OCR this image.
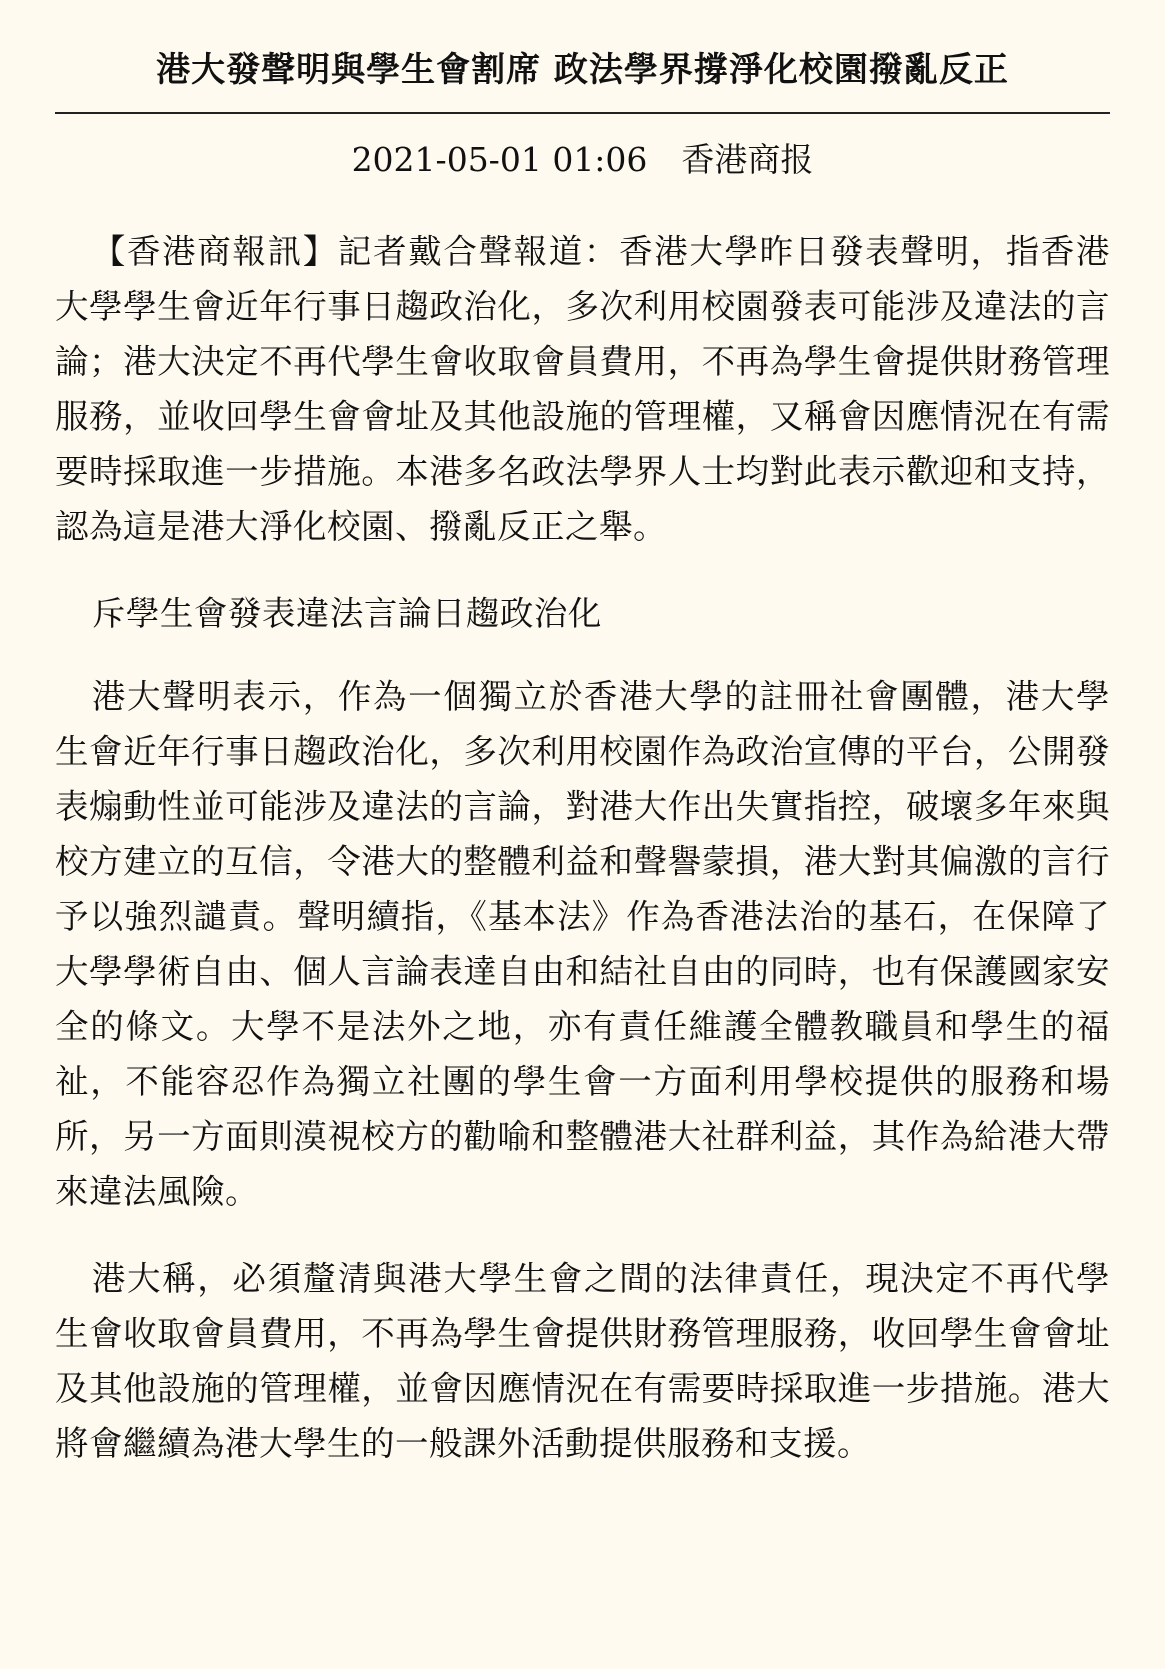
港大發聲明與學生會割席 政法學界撐淨化校園撥亂反正
2021-05-01 01:06 香港商报

【香港商報訊】記者戴合聲報道：香港大學昨日發表聲明，指香港大學學生會近年行事日趨政治化，多次利用校園發表可能涉及違法的言論；港大決定不再代學生會收取會員費用，不再為學生會提供財務管理服務，並收回學生會會址及其他設施的管理權，又稱會因應情況在有需要時採取進一步措施。本港多名政法學界人士均對此表示歡迎和支持，認為這是港大淨化校園、撥亂反正之舉。

斥學生會發表違法言論日趨政治化

港大聲明表示，作為一個獨立於香港大學的註冊社會團體，港大學生會近年行事日趨政治化，多次利用校園作為政治宣傳的平台，公開發表煽動性並可能涉及違法的言論，對港大作出失實指控，破壞多年來與校方建立的互信，令港大的整體利益和聲譽蒙損，港大對其偏激的言行予以強烈譴責。聲明續指，《基本法》作為香港法治的基石，在保障了大學學術自由、個人言論表達自由和結社自由的同時，也有保護國家安全的條文。大學不是法外之地，亦有責任維護全體教職員和學生的福祉，不能容忍作為獨立社團的學生會一方面利用學校提供的服務和場所，另一方面則漠視校方的勸喻和整體港大社群利益，其作為給港大帶來違法風險。

港大稱，必須釐清與港大學生會之間的法律責任，現決定不再代學生會收取會員費用，不再為學生會提供財務管理服務，收回學生會會址及其他設施的管理權，並會因應情況在有需要時採取進一步措施。港大將會繼續為港大學生的一般課外活動提供服務和支援。
